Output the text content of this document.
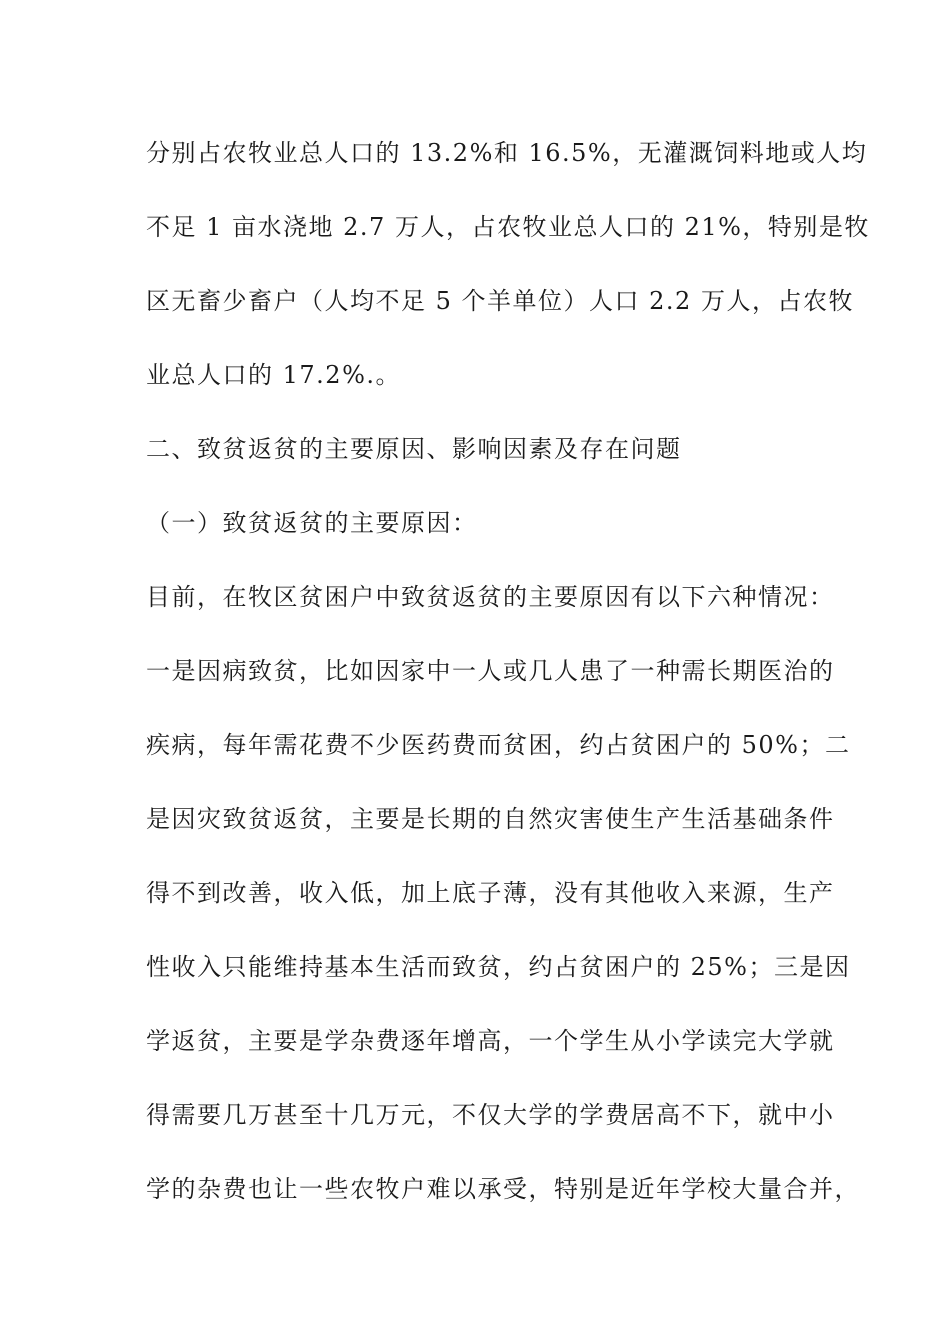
分别占农牧业总人口的 13.2%和 16.5%，无灌溉饲料地或人均
不足 1 亩水浇地 2.7 万人，占农牧业总人口的 21%，特别是牧
区无畜少畜户（人均不足 5 个羊单位）人口 2.2 万人，占农牧
业总人口的 17.2%.。
二、致贫返贫的主要原因、影响因素及存在问题
（一）致贫返贫的主要原因：
目前，在牧区贫困户中致贫返贫的主要原因有以下六种情况：
一是因病致贫，比如因家中一人或几人患了一种需长期医治的
疾病，每年需花费不少医药费而贫困，约占贫困户的 50%；二
是因灾致贫返贫，主要是长期的自然灾害使生产生活基础条件
得不到改善，收入低，加上底子薄，没有其他收入来源，生产
性收入只能维持基本生活而致贫，约占贫困户的 25%；三是因
学返贫，主要是学杂费逐年增高，一个学生从小学读完大学就
得需要几万甚至十几万元，不仅大学的学费居高不下，就中小
学的杂费也让一些农牧户难以承受，特别是近年学校大量合并，
